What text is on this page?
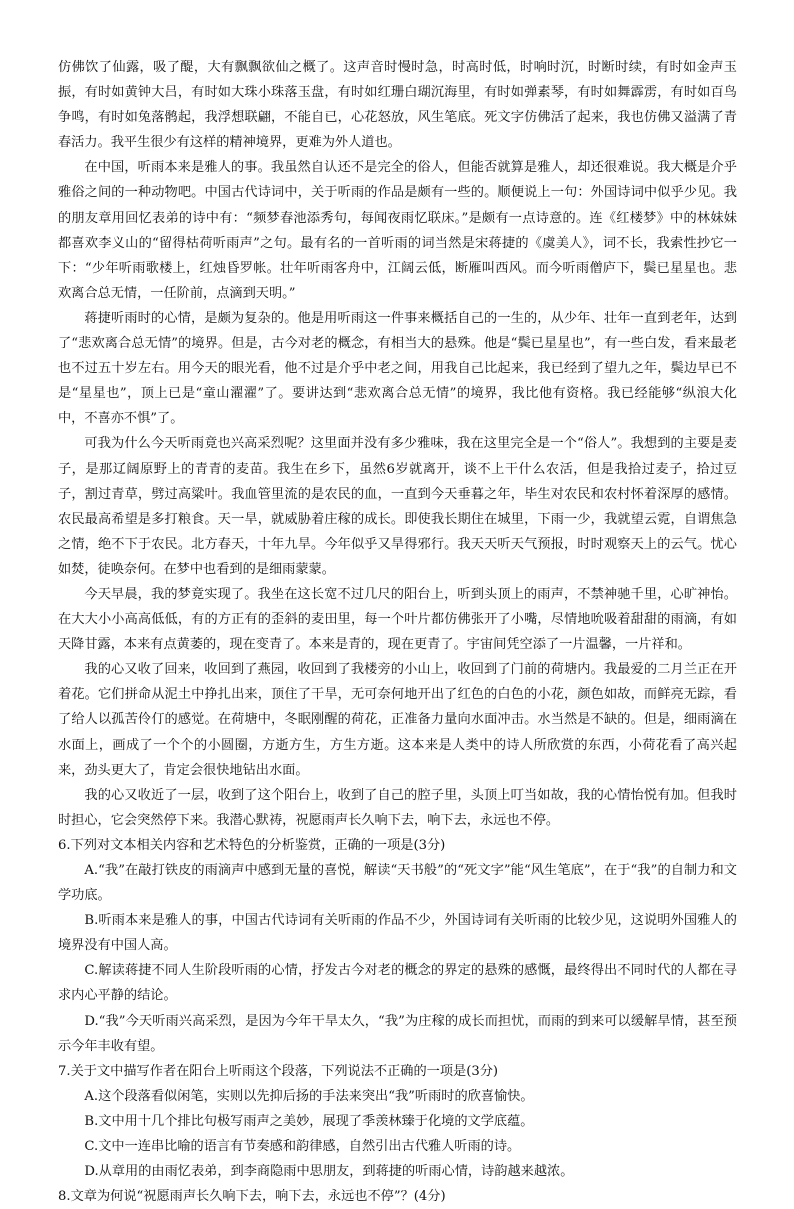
仿佛饮了仙露，吸了醍，大有飘飘欲仙之概了。这声音时慢时急，时高时低，时响时沉，时断时续，有时如金声玉振，有时如黄钟大吕，有时如大珠小珠落玉盘，有时如红珊白瑚沉海里，有时如弹素琴，有时如舞霹雳，有时如百鸟争鸣，有时如兔落鹘起，我浮想联翩，不能自已，心花怒放，风生笔底。死文字仿佛活了起来，我也仿佛又溢满了青春活力。我平生很少有这样的精神境界，更难为外人道也。

在中国，听雨本来是雅人的事。我虽然自认还不是完全的俗人，但能否就算是雅人，却还很难说。我大概是介乎雅俗之间的一种动物吧。中国古代诗词中，关于听雨的作品是颇有一些的。顺便说上一句：外国诗词中似乎少见。我的朋友章用回忆表弟的诗中有：“频梦春池添秀句，每闻夜雨忆联床。”是颇有一点诗意的。连《红楼梦》中的林妹妹都喜欢李义山的“留得枯荷听雨声”之句。最有名的一首听雨的词当然是宋蒋捷的《虞美人》，词不长，我索性抄它一下：“少年听雨歌楼上，红烛昏罗帐。壮年听雨客舟中，江阔云低，断雁叫西风。而今听雨僧庐下，鬓已星星也。悲欢离合总无情，一任阶前，点滴到天明。”

蒋捷听雨时的心情，是颇为复杂的。他是用听雨这一件事来概括自己的一生的，从少年、壮年一直到老年，达到了“悲欢离合总无情”的境界。但是，古今对老的概念，有相当大的悬殊。他是“鬓已星星也”，有一些白发，看来最老也不过五十岁左右。用今天的眼光看，他不过是介乎中老之间，用我自己比起来，我已经到了望九之年，鬓边早已不是“星星也”，顶上已是“童山濯濯”了。要讲达到“悲欢离合总无情”的境界，我比他有资格。我已经能够“纵浪大化中，不喜亦不惧”了。

可我为什么今天听雨竟也兴高采烈呢？这里面并没有多少雅味，我在这里完全是一个“俗人”。我想到的主要是麦子，是那辽阔原野上的青青的麦苗。我生在乡下，虽然6岁就离开，谈不上干什么农活，但是我拾过麦子，拾过豆子，割过青草，劈过高粱叶。我血管里流的是农民的血，一直到今天垂暮之年，毕生对农民和农村怀着深厚的感情。农民最高希望是多打粮食。天一旱，就威胁着庄稼的成长。即使我长期住在城里，下雨一少，我就望云霓，自谓焦急之情，绝不下于农民。北方春天，十年九旱。今年似乎又旱得邪行。我天天听天气预报，时时观察天上的云气。忧心如焚，徒唤奈何。在梦中也看到的是细雨蒙蒙。

今天早晨，我的梦竟实现了。我坐在这长宽不过几尺的阳台上，听到头顶上的雨声，不禁神驰千里，心旷神怡。在大大小小高高低低，有的方正有的歪斜的麦田里，每一个叶片都仿佛张开了小嘴，尽情地吮吸着甜甜的雨滴，有如天降甘露，本来有点黄萎的，现在变青了。本来是青的，现在更青了。宇宙间凭空添了一片温馨，一片祥和。

我的心又收了回来，收回到了燕园，收回到了我楼旁的小山上，收回到了门前的荷塘内。我最爱的二月兰正在开着花。它们拼命从泥土中挣扎出来，顶住了干旱，无可奈何地开出了红色的白色的小花，颜色如故，而鲜亮无踪，看了给人以孤苦伶仃的感觉。在荷塘中，冬眠刚醒的荷花，正准备力量向水面冲击。水当然是不缺的。但是，细雨滴在水面上，画成了一个个的小圆圈，方逝方生，方生方逝。这本来是人类中的诗人所欣赏的东西，小荷花看了高兴起来，劲头更大了，肯定会很快地钻出水面。

我的心又收近了一层，收到了这个阳台上，收到了自己的腔子里，头顶上叮当如故，我的心情怡悦有加。但我时时担心，它会突然停下来。我潜心默祷，祝愿雨声长久响下去，响下去，永远也不停。

6.下列对文本相关内容和艺术特色的分析鉴赏，正确的一项是(3分)

A.“我”在敲打铁皮的雨滴声中感到无量的喜悦，解读“天书般”的“死文字”能“风生笔底”，在于“我”的自制力和文学功底。

B.听雨本来是雅人的事，中国古代诗词有关听雨的作品不少，外国诗词有关听雨的比较少见，这说明外国雅人的境界没有中国人高。

C.解读蒋捷不同人生阶段听雨的心情，抒发古今对老的概念的界定的悬殊的感慨，最终得出不同时代的人都在寻求内心平静的结论。

D.“我”今天听雨兴高采烈，是因为今年干旱太久，“我”为庄稼的成长而担忧，而雨的到来可以缓解旱情，甚至预示今年丰收有望。

7.关于文中描写作者在阳台上听雨这个段落，下列说法不正确的一项是(3分)

A.这个段落看似闲笔，实则以先抑后扬的手法来突出“我”听雨时的欣喜愉快。

B.文中用十几个排比句极写雨声之美妙，展现了季羡林臻于化境的文学底蕴。

C.文中一连串比喻的语言有节奏感和韵律感，自然引出古代雅人听雨的诗。

D.从章用的由雨忆表弟，到李商隐雨中思朋友，到蒋捷的听雨心情，诗韵越来越浓。

8.文章为何说“祝愿雨声长久响下去，响下去，永远也不停”？(4分)
